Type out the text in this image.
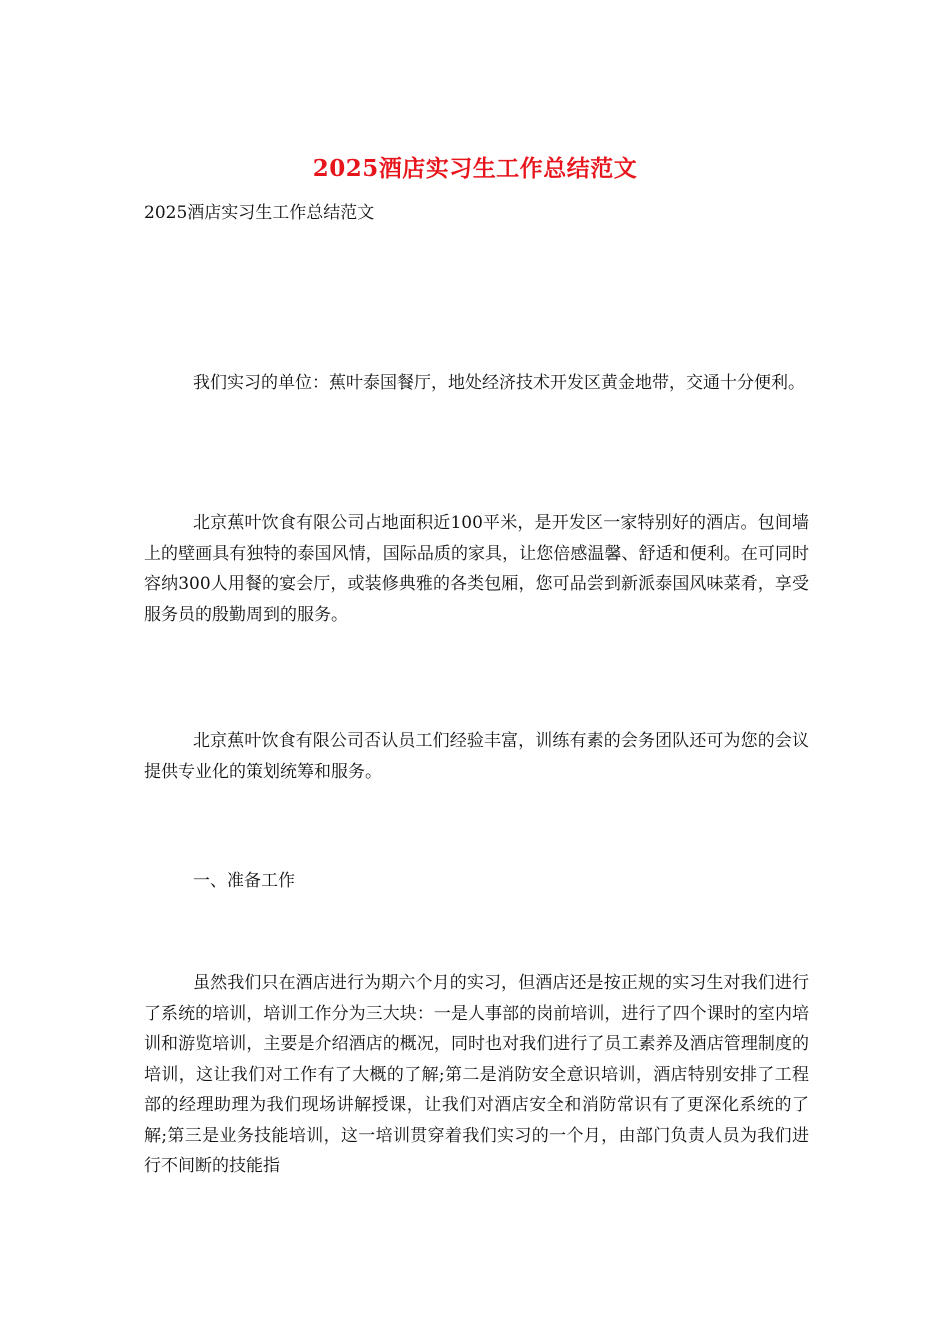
2025酒店实习生工作总结范文
2025酒店实习生工作总结范文
我们实习的单位：蕉叶泰国餐厅，地处经济技术开发区黄金地带，交通十分便利。
北京蕉叶饮食有限公司占地面积近100平米，是开发区一家特别好的酒店。包间墙上的壁画具有独特的泰国风情，国际品质的家具，让您倍感温馨、舒适和便利。在可同时容纳300人用餐的宴会厅，或装修典雅的各类包厢，您可品尝到新派泰国风味菜肴，享受服务员的殷勤周到的服务。
北京蕉叶饮食有限公司否认员工们经验丰富，训练有素的会务团队还可为您的会议提供专业化的策划统筹和服务。
一、准备工作
虽然我们只在酒店进行为期六个月的实习，但酒店还是按正规的实习生对我们进行了系统的培训，培训工作分为三大块：一是人事部的岗前培训，进行了四个课时的室内培训和游览培训，主要是介绍酒店的概况，同时也对我们进行了员工素养及酒店管理制度的培训，这让我们对工作有了大概的了解;第二是消防安全意识培训，酒店特别安排了工程部的经理助理为我们现场讲解授课，让我们对酒店安全和消防常识有了更深化系统的了解;第三是业务技能培训，这一培训贯穿着我们实习的一个月，由部门负责人员为我们进行不间断的技能指
